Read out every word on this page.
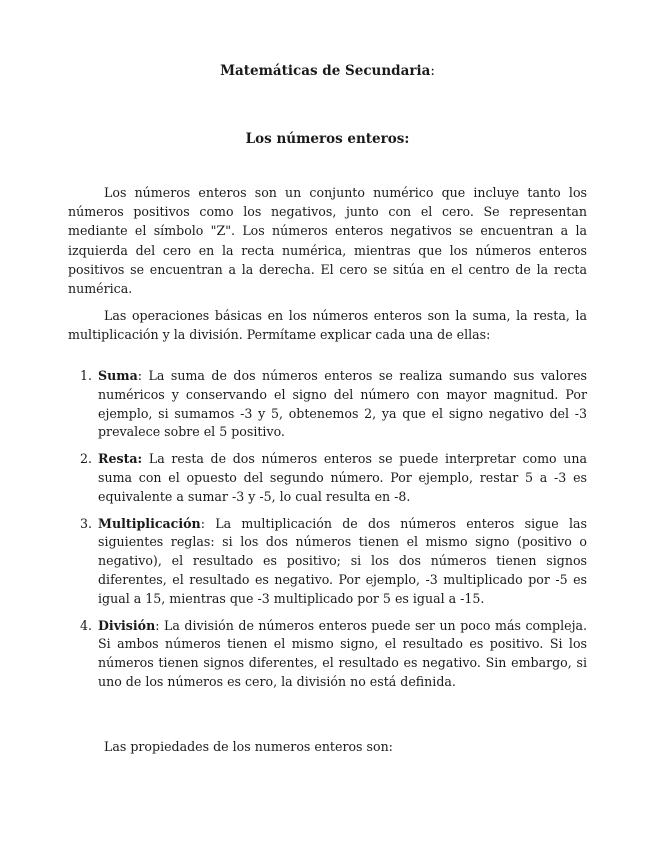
Matemáticas de Secundaria:
Los números enteros:

Los números enteros son un conjunto numérico que incluye tanto los números positivos como los negativos, junto con el cero. Se representan mediante el símbolo "Z". Los números enteros negativos se encuentran a la izquierda del cero en la recta numérica, mientras que los números enteros positivos se encuentran a la derecha. El cero se sitúa en el centro de la recta numérica.

Las operaciones básicas en los números enteros son la suma, la resta, la multiplicación y la división. Permítame explicar cada una de ellas:

1. Suma: La suma de dos números enteros se realiza sumando sus valores numéricos y conservando el signo del número con mayor magnitud. Por ejemplo, si sumamos -3 y 5, obtenemos 2, ya que el signo negativo del -3 prevalece sobre el 5 positivo.
2. Resta: La resta de dos números enteros se puede interpretar como una suma con el opuesto del segundo número. Por ejemplo, restar 5 a -3 es equivalente a sumar -3 y -5, lo cual resulta en -8.
3. Multiplicación: La multiplicación de dos números enteros sigue las siguientes reglas: si los dos números tienen el mismo signo (positivo o negativo), el resultado es positivo; si los dos números tienen signos diferentes, el resultado es negativo. Por ejemplo, -3 multiplicado por -5 es igual a 15, mientras que -3 multiplicado por 5 es igual a -15.
4. División: La división de números enteros puede ser un poco más compleja. Si ambos números tienen el mismo signo, el resultado es positivo. Si los números tienen signos diferentes, el resultado es negativo. Sin embargo, si uno de los números es cero, la división no está definida.

Las propiedades de los numeros enteros son:
